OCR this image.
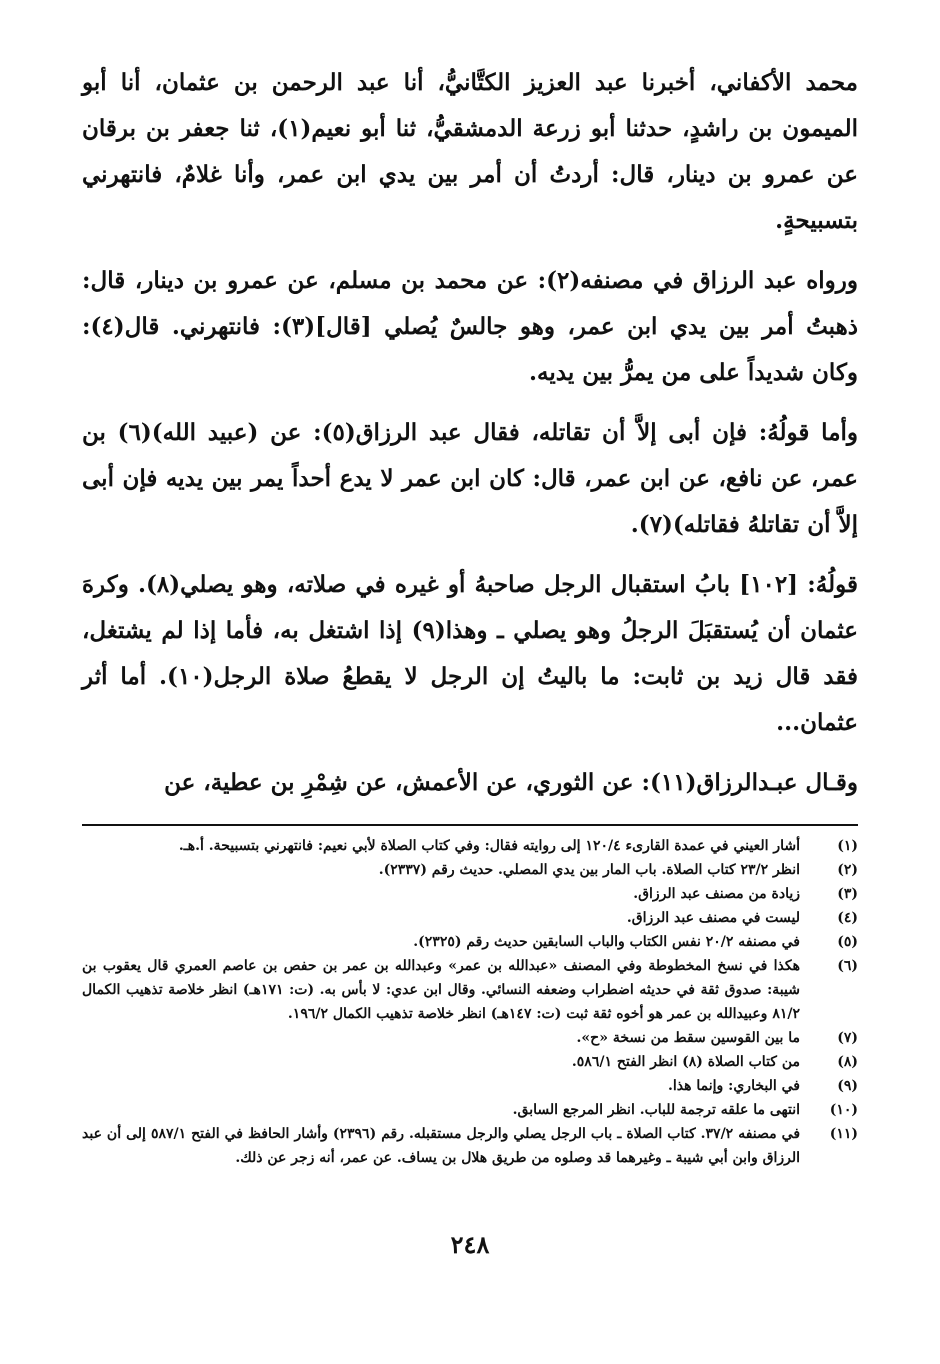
محمد الأكفاني، أخبرنا عبد العزيز الكتَّانيُّ، أنا عبد الرحمن بن عثمان، أنا أبو الميمون بن راشدٍ، حدثنا أبو زرعة الدمشقيُّ، ثنا أبو نعيم(١)، ثنا جعفر بن برقان عن عمرو بن دينار، قال: أردتُ أن أمر بين يدي ابن عمر، وأنا غلامٌ، فانتهرني بتسبيحةٍ.

ورواه عبد الرزاق في مصنفه(٢): عن محمد بن مسلم، عن عمرو بن دينار، قال: ذهبتُ أمر بين يدي ابن عمر، وهو جالسٌ يُصلي [قال](٣): فانتهرني. قال(٤): وكان شديداً على من يمرُّ بين يديه.

وأما قولُهُ: فإن أبى إلاَّ أن تقاتله، فقال عبد الرزاق(٥): عن (عبيد الله)(٦) بن عمر، عن نافع، عن ابن عمر، قال: كان ابن عمر لا يدع أحداً يمر بين يديه فإن أبى إلاَّ أن تقاتلهُ فقاتله)(٧).

قولُهُ: [١٠٢] بابُ استقبال الرجل صاحبهُ أو غيره في صلاته، وهو يصلي(٨). وكرهَ عثمان أن يُستقبَلَ الرجلُ وهو يصلي ـ وهذا(٩) إذا اشتغل به، فأما إذا لم يشتغل، فقد قال زيد بن ثابت: ما باليتُ إن الرجل لا يقطعُ صلاة الرجل(١٠). أما أثر عثمان...

وقـال عبـدالرزاق(١١): عن الثوري، عن الأعمش، عن شِمْرِ بن عطية، عن

(١)
أشار العيني في عمدة القارىء ١٢٠/٤ إلى روايته فقال: وفي كتاب الصلاة لأبي نعيم: فانتهرني بتسبيحة. أ.هـ.
(٢)
انظر ٢٣/٢ كتاب الصلاة. باب المار بين يدي المصلي. حديث رقم (٢٣٣٧).
(٣)
زيادة من مصنف عبد الرزاق.
(٤)
ليست في مصنف عبد الرزاق.
(٥)
في مصنفه ٢٠/٢ نفس الكتاب والباب السابقين حديث رقم (٢٣٢٥).
(٦)
هكذا في نسخ المخطوطة وفي المصنف «عبدالله بن عمر» وعبدالله بن عمر بن حفص بن عاصم العمري قال يعقوب بن شيبة: صدوق ثقة في حديثه اضطراب وضعفه النسائي. وقال ابن عدي: لا بأس به. (ت: ١٧١هـ) انظر خلاصة تذهيب الكمال ٨١/٢ وعبيدالله بن عمر هو أخوه ثقة ثبت (ت: ١٤٧هـ) انظر خلاصة تذهيب الكمال ١٩٦/٢.
(٧)
ما بين القوسين سقط من نسخة «ح».
(٨)
من كتاب الصلاة (٨) انظر الفتح ٥٨٦/١.
(٩)
في البخاري: وإنما هذا.
(١٠)
انتهى ما علقه ترجمة للباب. انظر المرجع السابق.
(١١)
في مصنفه ٣٧/٢. كتاب الصلاة ـ باب الرجل يصلي والرجل مستقبله. رقم (٢٣٩٦) وأشار الحافظ في الفتح ٥٨٧/١ إلى أن عبد الرزاق وابن أبي شيبة ـ وغيرهما قد وصلوه من طريق هلال بن يساف. عن عمر، أنه زجر عن ذلك.
٢٤٨
